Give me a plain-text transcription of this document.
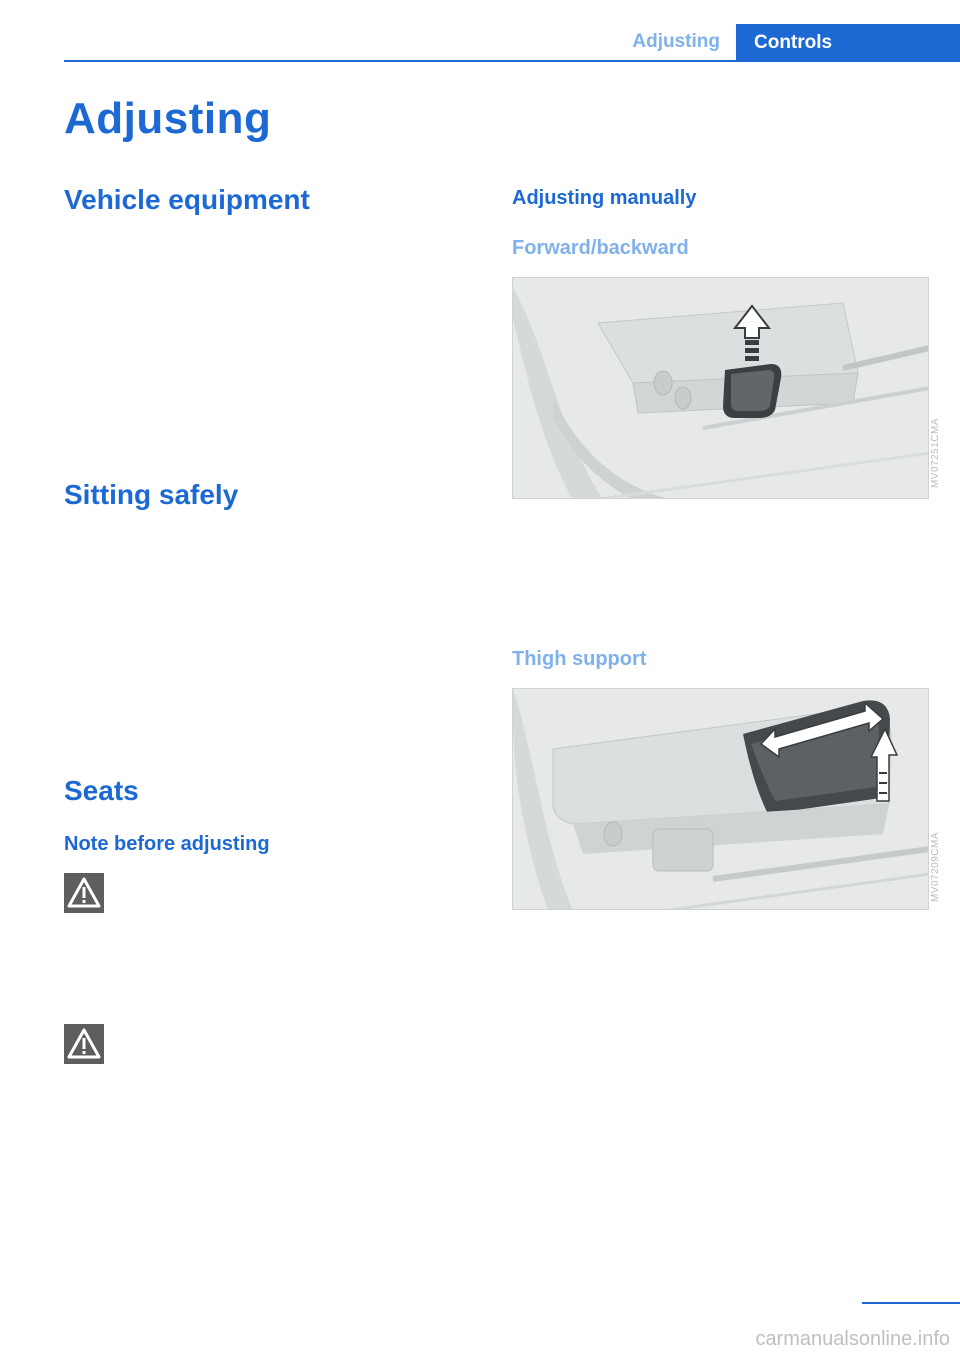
Adjusting	Controls
Adjusting
Vehicle equipment
Sitting safely
Seats
Note before adjusting
Adjusting manually
Forward/backward
MV07251CMA
Thigh support
MV07209CMA
carmanualsonline.info
